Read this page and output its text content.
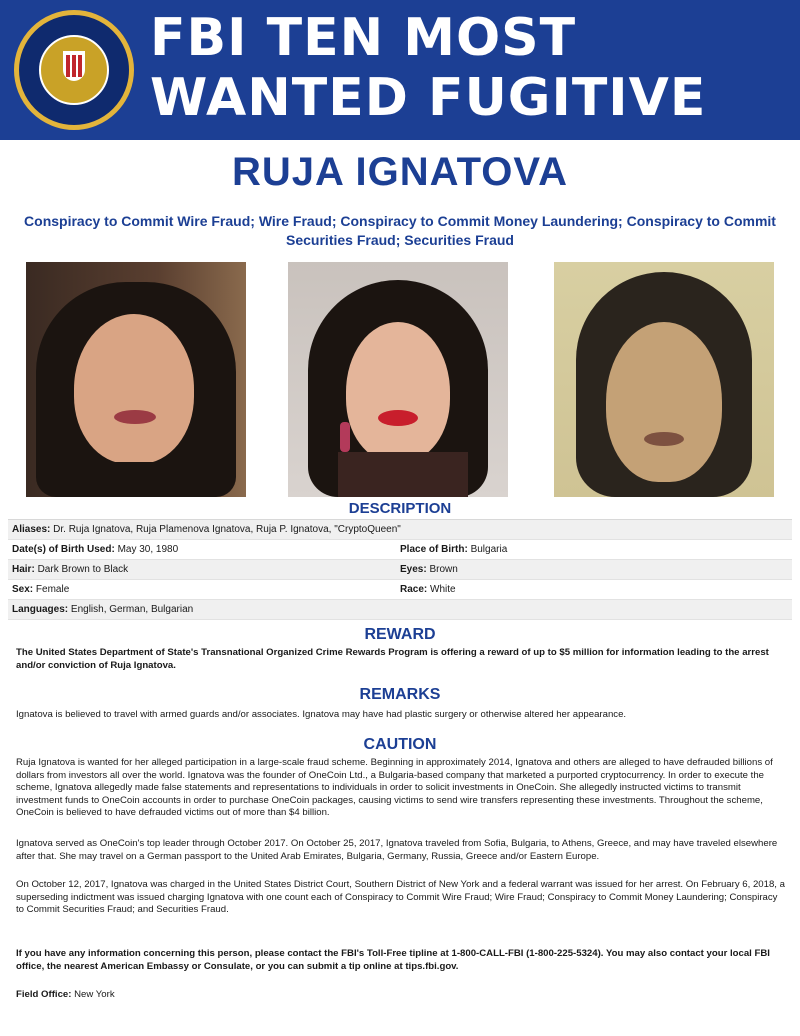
FBI TEN MOST
WANTED FUGITIVE
RUJA IGNATOVA
Conspiracy to Commit Wire Fraud; Wire Fraud; Conspiracy to Commit Money Laundering; Conspiracy to Commit Securities Fraud; Securities Fraud
DESCRIPTION
Aliases: Dr. Ruja Ignatova, Ruja Plamenova Ignatova, Ruja P. Ignatova, "CryptoQueen"
Date(s) of Birth Used: May 30, 1980	Place of Birth: Bulgaria
Hair: Dark Brown to Black	Eyes: Brown
Sex: Female	Race: White
Languages: English, German, Bulgarian
REWARD
The United States Department of State's Transnational Organized Crime Rewards Program is offering a reward of up to $5 million for information leading to the arrest and/or conviction of Ruja Ignatova.
REMARKS
Ignatova is believed to travel with armed guards and/or associates. Ignatova may have had plastic surgery or otherwise altered her appearance.
CAUTION
Ruja Ignatova is wanted for her alleged participation in a large-scale fraud scheme. Beginning in approximately 2014, Ignatova and others are alleged to have defrauded billions of dollars from investors all over the world. Ignatova was the founder of OneCoin Ltd., a Bulgaria-based company that marketed a purported cryptocurrency. In order to execute the scheme, Ignatova allegedly made false statements and representations to individuals in order to solicit investments in OneCoin. She allegedly instructed victims to transmit investment funds to OneCoin accounts in order to purchase OneCoin packages, causing victims to send wire transfers representing these investments. Throughout the scheme, OneCoin is believed to have defrauded victims out of more than $4 billion.
Ignatova served as OneCoin's top leader through October 2017. On October 25, 2017, Ignatova traveled from Sofia, Bulgaria, to Athens, Greece, and may have traveled elsewhere after that. She may travel on a German passport to the United Arab Emirates, Bulgaria, Germany, Russia, Greece and/or Eastern Europe.
On October 12, 2017, Ignatova was charged in the United States District Court, Southern District of New York and a federal warrant was issued for her arrest. On February 6, 2018, a superseding indictment was issued charging Ignatova with one count each of Conspiracy to Commit Wire Fraud; Wire Fraud; Conspiracy to Commit Money Laundering; Conspiracy to Commit Securities Fraud; and Securities Fraud.
If you have any information concerning this person, please contact the FBI's Toll-Free tipline at 1-800-CALL-FBI (1-800-225-5324). You may also contact your local FBI office, the nearest American Embassy or Consulate, or you can submit a tip online at tips.fbi.gov.
Field Office: New York
